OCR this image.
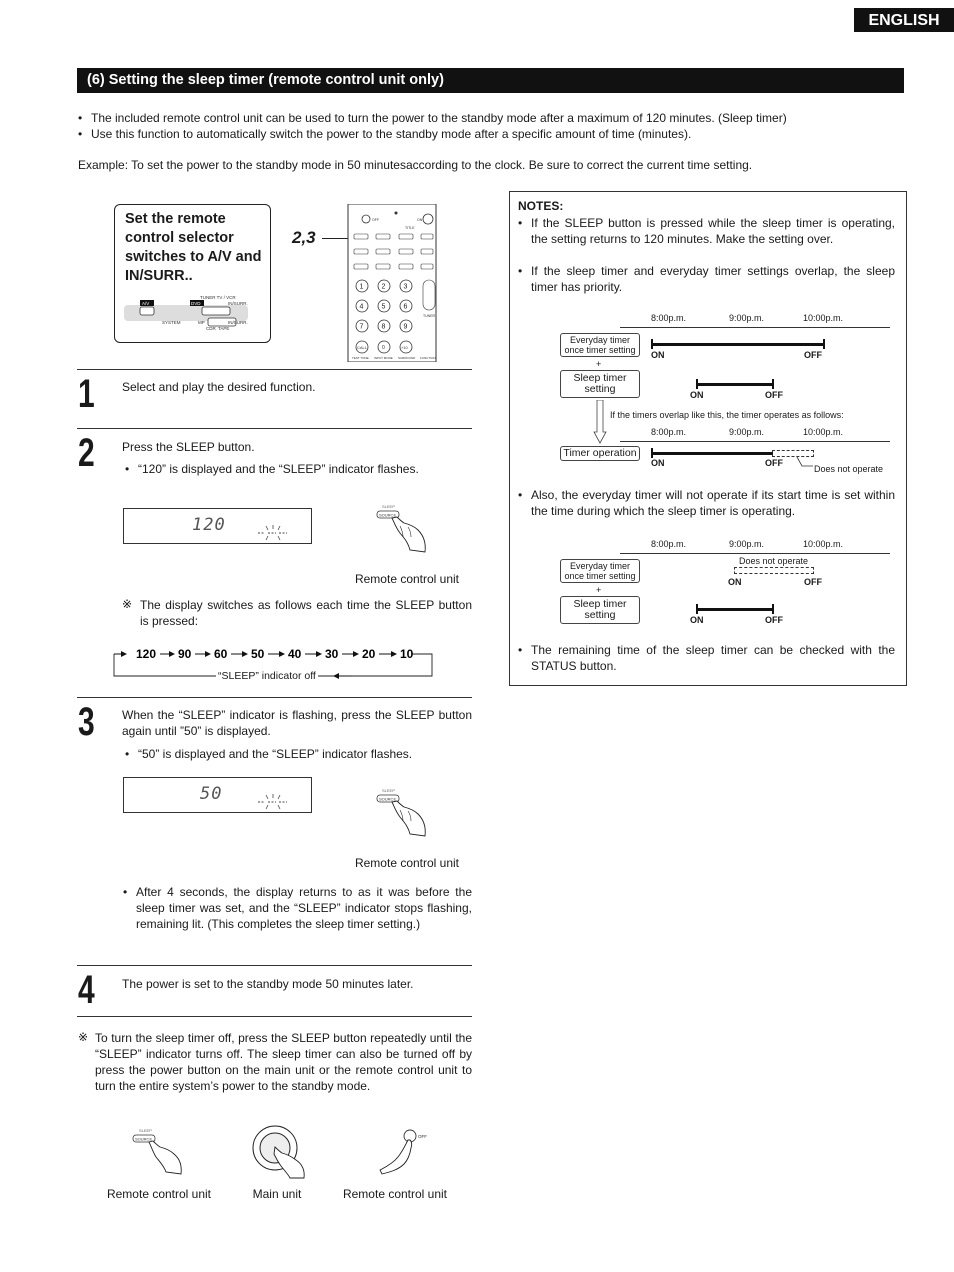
ENGLISH
(6) Setting the sleep timer (remote control unit only)
• The included remote control unit can be used to turn the power to the standby mode after a maximum of 120 minutes. (Sleep timer)
• Use this function to automatically switch the power to the standby mode after a specific amount of time (minutes).
Example: To set the power to the standby mode in 50 minutesaccording to the clock. Be sure to correct the current time setting.
Set the remote control selector switches to A/V and IN/SURR..
A/V	DVD
TUNER TV / VCR
IN/SURR.
SYSTEM	MP	IN/SURR.
CDR TAPE
2,3
OFF	ON
TITLE
1	2	3
4	5	6
7	8	9
CALL	0	+10
TUNER
TEST TONE INPUT MODE SURROUND FUNCTION
1 Select and play the desired function.
2 Press the SLEEP button.
• “120” is displayed and the “SLEEP” indicator flashes.
120
SLEEP
SOURCE
Remote control unit
※ The display switches as follows each time the SLEEP button is pressed:
120 90 60 50 40 30 20 10
“SLEEP” indicator off
3 When the “SLEEP” indicator is flashing, press the SLEEP button again until ”50” is displayed.
• “50” is displayed and the “SLEEP” indicator flashes.
50	SLEEP
SOURCE
Remote control unit
• After 4 seconds, the display returns to as it was before the sleep timer was set, and the “SLEEP” indicator stops flashing, remaining lit. (This completes the sleep timer setting.)
4 The power is set to the standby mode 50 minutes later.
※ To turn the sleep timer off, press the SLEEP button repeatedly until the “SLEEP” indicator turns off. The sleep timer can also be turned off by press the power button on the main unit or the remote control unit to turn the entire system’s power to the standby mode.
SLEEP
SOURCE	OFF
Remote control unit	Main unit	Remote control unit
NOTES:
• If the SLEEP button is pressed while the sleep timer is operating, the setting returns to 120 minutes. Make the setting over.
• If the sleep timer and everyday timer settings overlap, the sleep timer has priority.
8:00p.m.	9:00p.m.	10:00p.m.
Everyday timer once timer setting	ON	OFF
+
Sleep timer setting	ON	OFF
If the timers overlap like this, the timer operates as follows:
8:00p.m.	9:00p.m.	10:00p.m.
Timer operation
ON	OFF
Does not operate
• Also, the everyday timer will not operate if its start time is set within the time during which the sleep timer is operating.
8:00p.m.	9:00p.m.	10:00p.m.
Everyday timer once timer setting
Does not operate
ON	OFF
+
Sleep timer setting	ON	OFF
• The remaining time of the sleep timer can be checked with the STATUS button.
